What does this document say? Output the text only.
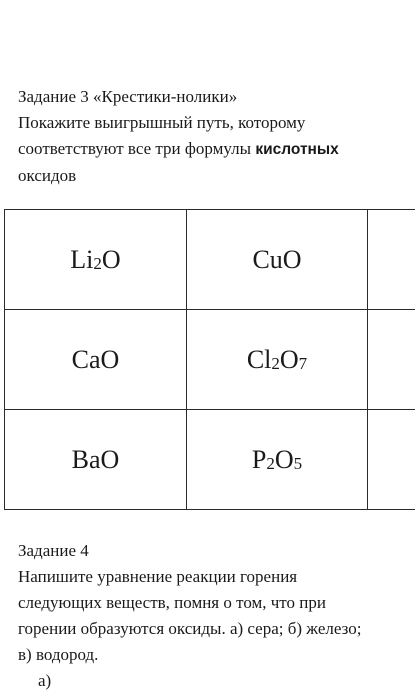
Задание 3 «Крестики-нолики»
Покажите выигрышный путь, которому
соответствуют все три формулы кислотных
оксидов
$Li_2O$	CuO
CaO	$Cl_2O_7$
BaO	$P_2O_5$
Задание 4
Напишите уравнение реакции горения
следующих веществ, помня о том, что при
горении образуются оксиды. а) сера; б) железо;
в) водород.
а)
